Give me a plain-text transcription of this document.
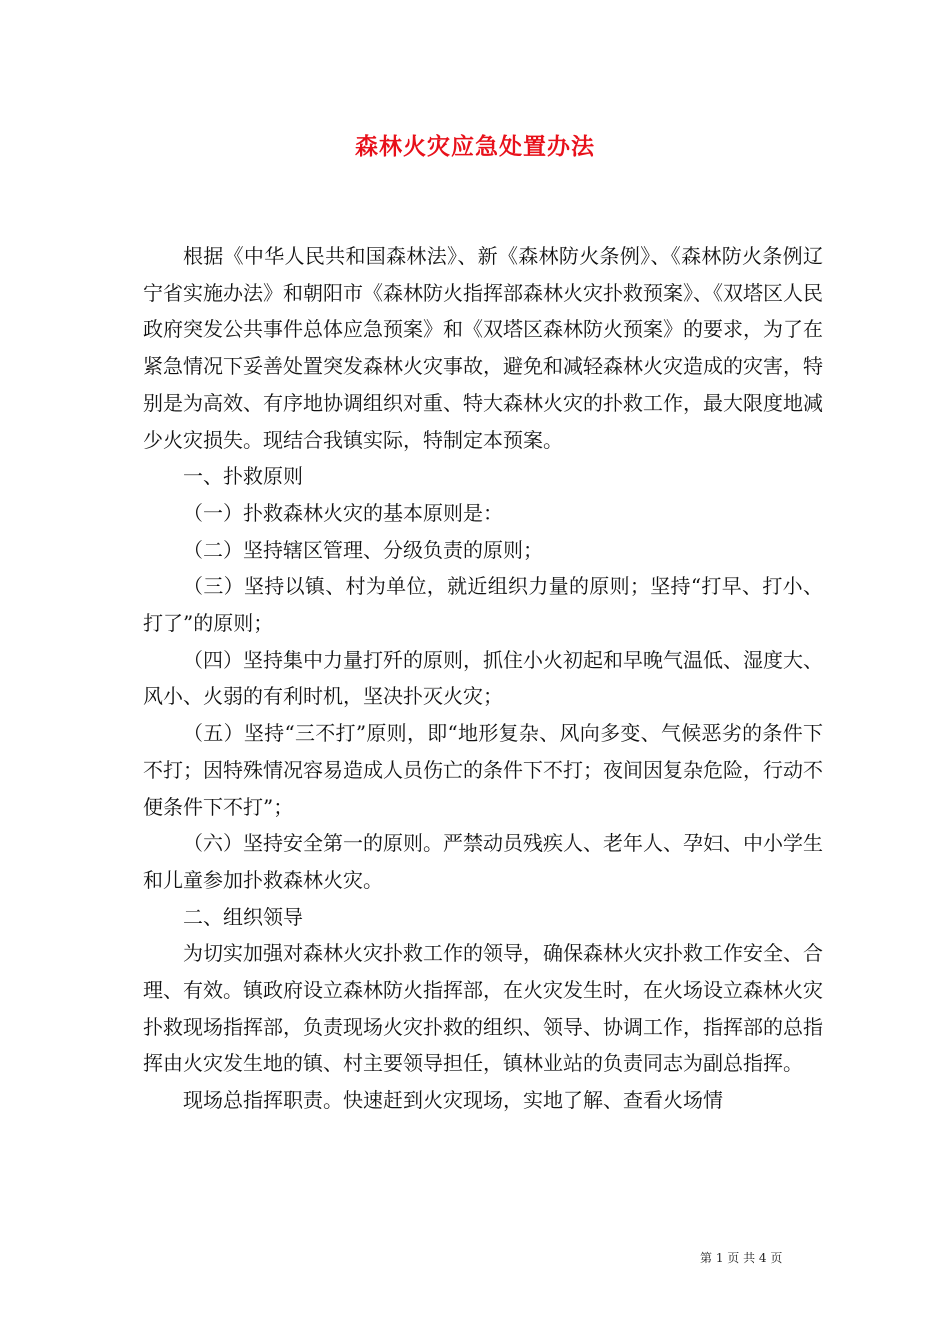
森林火灾应急处置办法

根据《中华人民共和国森林法》、新《森林防火条例》、《森林防火条例辽宁省实施办法》和朝阳市《森林防火指挥部森林火灾扑救预案》、《双塔区人民政府突发公共事件总体应急预案》和《双塔区森林防火预案》的要求，为了在紧急情况下妥善处置突发森林火灾事故，避免和减轻森林火灾造成的灾害，特别是为高效、有序地协调组织对重、特大森林火灾的扑救工作，最大限度地减少火灾损失。现结合我镇实际，特制定本预案。

一、扑救原则

（一）扑救森林火灾的基本原则是：

（二）坚持辖区管理、分级负责的原则；

（三）坚持以镇、村为单位，就近组织力量的原则；坚持“打早、打小、打了”的原则；

（四）坚持集中力量打歼的原则，抓住小火初起和早晚气温低、湿度大、风小、火弱的有利时机，坚决扑灭火灾；

（五）坚持“三不打”原则，即“地形复杂、风向多变、气候恶劣的条件下不打；因特殊情况容易造成人员伤亡的条件下不打；夜间因复杂危险，行动不便条件下不打”；

（六）坚持安全第一的原则。严禁动员残疾人、老年人、孕妇、中小学生和儿童参加扑救森林火灾。

二、组织领导

为切实加强对森林火灾扑救工作的领导，确保森林火灾扑救工作安全、合理、有效。镇政府设立森林防火指挥部，在火灾发生时，在火场设立森林火灾扑救现场指挥部，负责现场火灾扑救的组织、领导、协调工作，指挥部的总指挥由火灾发生地的镇、村主要领导担任，镇林业站的负责同志为副总指挥。

现场总指挥职责。快速赶到火灾现场，实地了解、查看火场情

第 1 页 共 4 页
